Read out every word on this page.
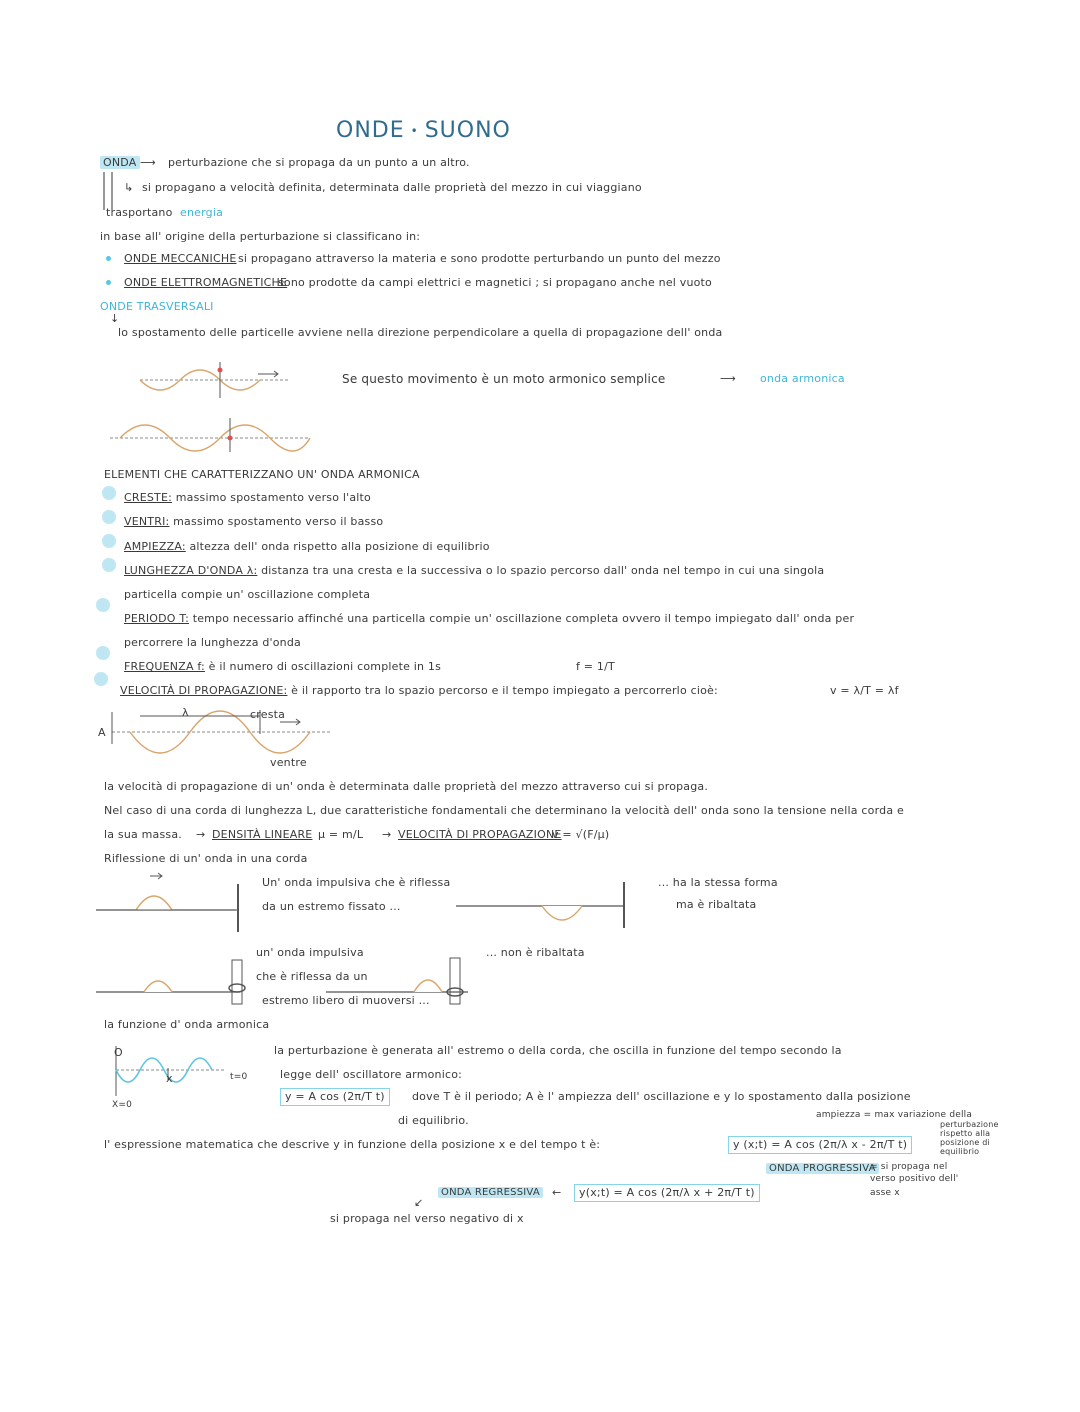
ONDE • SUONO
ONDA ⟶ perturbazione che si propaga da un punto a un altro.
↳ si propagano a velocità definita, determinata dalle proprietà del mezzo in cui viaggiano
trasportano energia
in base all' origine della perturbazione si classificano in:
ONDE MECCANICHE si propagano attraverso la materia e sono prodotte perturbando un punto del mezzo
ONDE ELETTROMAGNETICHE
sono prodotte da campi elettrici e magnetici ; si propagano anche nel vuoto
ONDE TRASVERSALI
↓
lo spostamento delle particelle avviene nella direzione perpendicolare a quella di propagazione dell' onda
Se questo movimento è un moto armonico semplice	⟶ onda armonica
ELEMENTI CHE CARATTERIZZANO UN' ONDA ARMONICA
CRESTE: massimo spostamento verso l'alto
VENTRI: massimo spostamento verso il basso
AMPIEZZA: altezza dell' onda rispetto alla posizione di equilibrio
LUNGHEZZA D'ONDA λ: distanza tra una cresta e la successiva o lo spazio percorso dall' onda nel tempo in cui una singola
particella compie un' oscillazione completa
PERIODO T: tempo necessario affinché una particella compie un' oscillazione completa ovvero il tempo impiegato dall' onda per
percorrere la lunghezza d'onda
FREQUENZA f: è il numero di oscillazioni complete in 1s	f = 1/T
VELOCITÀ DI PROPAGAZIONE: è il rapporto tra lo spazio percorso e il tempo impiegato a percorrerlo cioè:	v = λ/T = λf
A
λ	cresta
ventre
la velocità di propagazione di un' onda è determinata dalle proprietà del mezzo attraverso cui si propaga.
Nel caso di una corda di lunghezza L, due caratteristiche fondamentali che determinano la velocità dell' onda sono la tensione nella corda e
la sua massa. → DENSITÀ LINEARE μ = m/L → VELOCITÀ DI PROPAGAZIONE
v = √(F/μ)
Riflessione di un' onda in una corda
Un' onda impulsiva che è riflessa
da un estremo fissato ...
... ha la stessa forma
ma è ribaltata
un' onda impulsiva
che è riflessa da un
estremo libero di muoversi ...
... non è ribaltata
la funzione d' onda armonica
O
x
X=0
t=0
la perturbazione è generata all' estremo o della corda, che oscilla in funzione del tempo secondo la
legge dell' oscillatore armonico:
y = A cos (2π/T t)	dove T è il periodo; A è l' ampiezza dell' oscillazione e y lo spostamento dalla posizione
di equilibrio.	ampiezza = max variazione della
perturbazione
rispetto alla
posizione di
equilibrio
l' espressione matematica che descrive y in funzione della posizione x e del tempo t è:	y (x;t) = A cos (2π/λ x - 2π/T t)
ONDA PROGRESSIVA
= si propaga nel
verso positivo dell'
asse x
ONDA REGRESSIVA ←	y(x;t) = A cos (2π/λ x + 2π/T t)
↙
si propaga nel verso negativo di x
